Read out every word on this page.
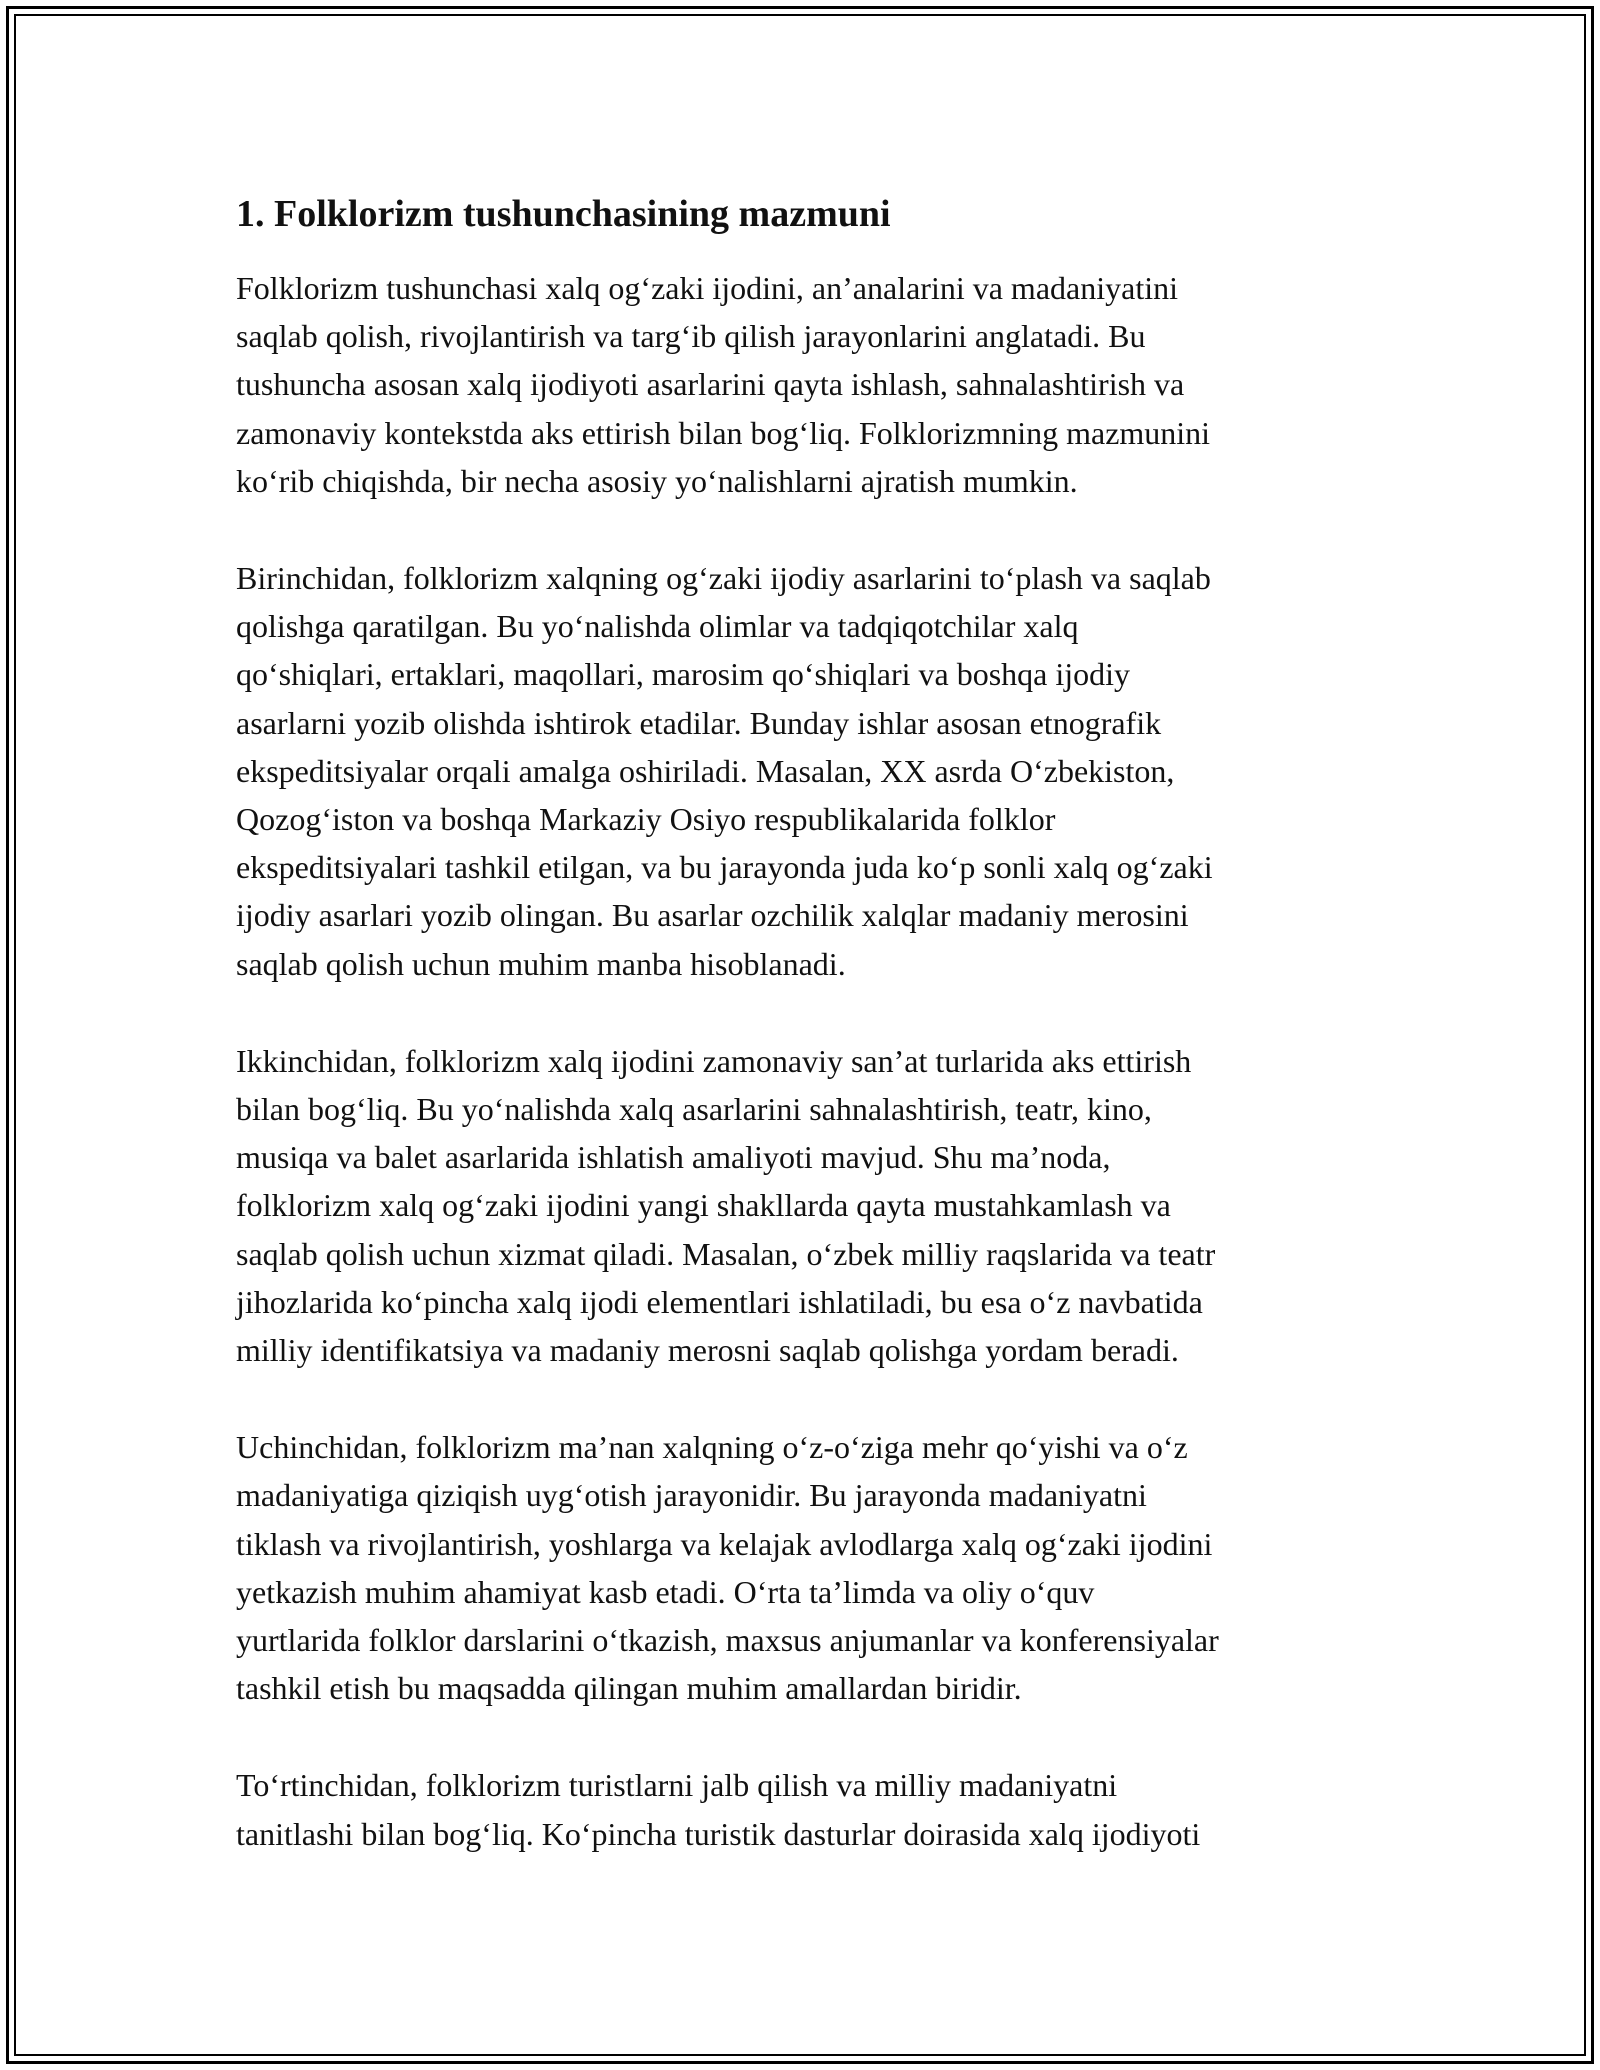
1. Folklorizm tushunchasining mazmuni

Folklorizm tushunchasi xalq og‘zaki ijodini, an’analarini va madaniyatini
saqlab qolish, rivojlantirish va targ‘ib qilish jarayonlarini anglatadi. Bu
tushuncha asosan xalq ijodiyoti asarlarini qayta ishlash, sahnalashtirish va
zamonaviy kontekstda aks ettirish bilan bog‘liq. Folklorizmning mazmunini
ko‘rib chiqishda, bir necha asosiy yo‘nalishlarni ajratish mumkin.

Birinchidan, folklorizm xalqning og‘zaki ijodiy asarlarini to‘plash va saqlab
qolishga qaratilgan. Bu yo‘nalishda olimlar va tadqiqotchilar xalq
qo‘shiqlari, ertaklari, maqollari, marosim qo‘shiqlari va boshqa ijodiy
asarlarni yozib olishda ishtirok etadilar. Bunday ishlar asosan etnografik
ekspeditsiyalar orqali amalga oshiriladi. Masalan, XX asrda O‘zbekiston,
Qozog‘iston va boshqa Markaziy Osiyo respublikalarida folklor
ekspeditsiyalari tashkil etilgan, va bu jarayonda juda ko‘p sonli xalq og‘zaki
ijodiy asarlari yozib olingan. Bu asarlar ozchilik xalqlar madaniy merosini
saqlab qolish uchun muhim manba hisoblanadi.

Ikkinchidan, folklorizm xalq ijodini zamonaviy san’at turlarida aks ettirish
bilan bog‘liq. Bu yo‘nalishda xalq asarlarini sahnalashtirish, teatr, kino,
musiqa va balet asarlarida ishlatish amaliyoti mavjud. Shu ma’noda,
folklorizm xalq og‘zaki ijodini yangi shakllarda qayta mustahkamlash va
saqlab qolish uchun xizmat qiladi. Masalan, o‘zbek milliy raqslarida va teatr
jihozlarida ko‘pincha xalq ijodi elementlari ishlatiladi, bu esa o‘z navbatida
milliy identifikatsiya va madaniy merosni saqlab qolishga yordam beradi.

Uchinchidan, folklorizm ma’nan xalqning o‘z-o‘ziga mehr qo‘yishi va o‘z
madaniyatiga qiziqish uyg‘otish jarayonidir. Bu jarayonda madaniyatni
tiklash va rivojlantirish, yoshlarga va kelajak avlodlarga xalq og‘zaki ijodini
yetkazish muhim ahamiyat kasb etadi. O‘rta ta’limda va oliy o‘quv
yurtlarida folklor darslarini o‘tkazish, maxsus anjumanlar va konferensiyalar
tashkil etish bu maqsadda qilingan muhim amallardan biridir.

To‘rtinchidan, folklorizm turistlarni jalb qilish va milliy madaniyatni
tanitlashi bilan bog‘liq. Ko‘pincha turistik dasturlar doirasida xalq ijodiyoti
